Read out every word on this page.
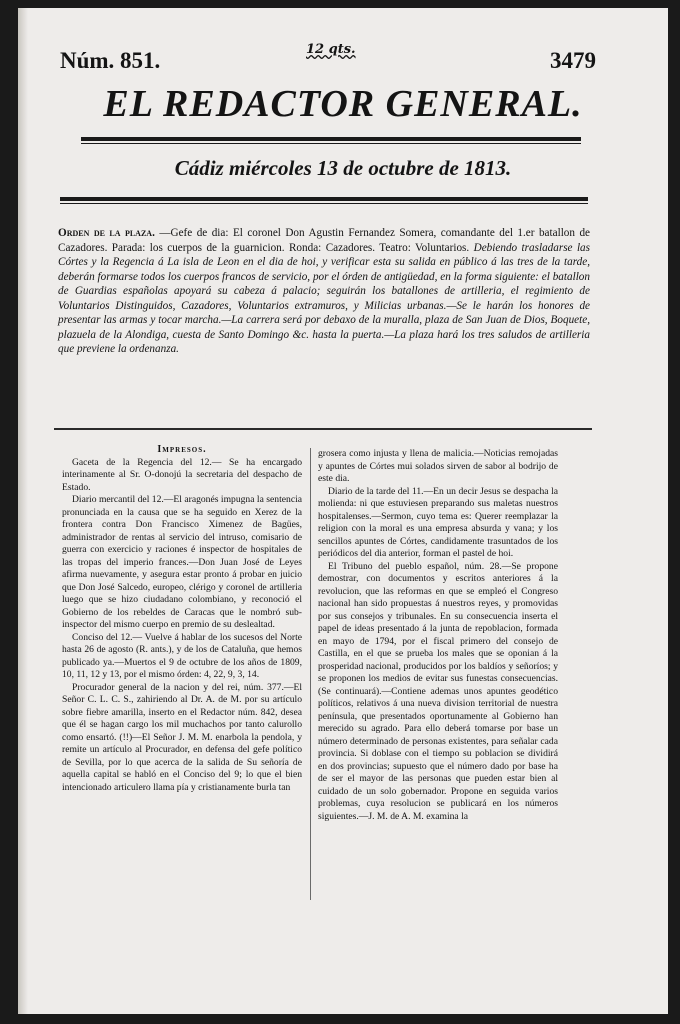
Núm. 851.	12 qts.	3479
EL REDACTOR GENERAL.
Cádiz miércoles 13 de octubre de 1813.
Orden de la plaza. —Gefe de dia: El coronel Don Agustin Fernandez Somera, comandante del 1.er batallon de Cazadores. Parada: los cuerpos de la guarnicion. Ronda: Cazadores. Teatro: Voluntarios. Debiendo trasladarse las Córtes y la Regencia á La isla de Leon en el dia de hoi, y verificar esta su salida en público á las tres de la tarde, deberán formarse todos los cuerpos francos de servicio, por el órden de antigüedad, en la forma siguiente: el batallon de Guardias españolas apoyará su cabeza á palacio; seguirán los batallones de artilleria, el regimiento de Voluntarios Distinguidos, Cazadores, Voluntarios extramuros, y Milicias urbanas.—Se le harán los honores de presentar las armas y tocar marcha.—La carrera será por debaxo de la muralla, plaza de San Juan de Dios, Boquete, plazuela de la Alondiga, cuesta de Santo Domingo &c. hasta la puerta.—La plaza hará los tres saludos de artilleria que previene la ordenanza.

Impresos.

Gaceta de la Regencia del 12.— Se ha encargado interinamente al Sr. O-donojú la secretaria del despacho de Estado.

Diario mercantil del 12.—El aragonés impugna la sentencia pronunciada en la causa que se ha seguido en Xerez de la frontera contra Don Francisco Ximenez de Bagües, administrador de rentas al servicio del intruso, comisario de guerra con exercicio y raciones é inspector de hospitales de las tropas del imperio frances.—Don Juan José de Leyes afirma nuevamente, y asegura estar pronto á probar en juicio que Don José Salcedo, europeo, clérigo y coronel de artilleria luego que se hizo ciudadano colombiano, y reconoció el Gobierno de los rebeldes de Caracas que le nombró sub-inspector del mismo cuerpo en premio de su deslealtad.

Conciso del 12.— Vuelve á hablar de los sucesos del Norte hasta 26 de agosto (R. ants.), y de los de Cataluña, que hemos publicado ya.—Muertos el 9 de octubre de los años de 1809, 10, 11, 12 y 13, por el mismo órden: 4, 22, 9, 3, 14.

Procurador general de la nacion y del rei, núm. 377.—El Señor C. L. C. S., zahiriendo al Dr. A. de M. por su artículo sobre fiebre amarilla, inserto en el Redactor núm. 842, desea que él se hagan cargo los mil muchachos por tanto calurollo como ensartó. (!!)—El Señor J. M. M. enarbola la pendola, y remite un artículo al Procurador, en defensa del gefe político de Sevilla, por lo que acerca de la salida de Su señoría de aquella capital se habló en el Conciso del 9; lo que el bien intencionado articulero llama pía y cristianamente burla tan

grosera como injusta y llena de malicia.—Noticias remojadas y apuntes de Córtes mui solados sirven de sabor al bodrijo de este dia.

Diario de la tarde del 11.—En un decir Jesus se despacha la molienda: ni que estuviesen preparando sus maletas nuestros hospitalenses.—Sermon, cuyo tema es: Querer reemplazar la religion con la moral es una empresa absurda y vana; y los sencillos apuntes de Córtes, candidamente trasuntados de los periódicos del dia anterior, forman el pastel de hoi.

El Tribuno del pueblo español, núm. 28.—Se propone demostrar, con documentos y escritos anteriores á la revolucion, que las reformas en que se empleó el Congreso nacional han sido propuestas á nuestros reyes, y promovidas por sus consejos y tribunales. En su consecuencia inserta el papel de ideas presentado á la junta de repoblacion, formada en mayo de 1794, por el fiscal primero del consejo de Castilla, en el que se prueba los males que se oponian á la prosperidad nacional, producidos por los baldíos y señoríos; y se proponen los medios de evitar sus funestas consecuencias. (Se continuará).—Contiene ademas unos apuntes geodético políticos, relativos á una nueva division territorial de nuestra península, que presentados oportunamente al Gobierno han merecido su agrado. Para ello deberá tomarse por base un número determinado de personas existentes, para señalar cada provincia. Si doblase con el tiempo su poblacion se dividirá en dos provincias; supuesto que el número dado por base ha de ser el mayor de las personas que pueden estar bien al cuidado de un solo gobernador. Propone en seguida varios problemas, cuya resolucion se publicará en los números siguientes.—J. M. de A. M. examina la
